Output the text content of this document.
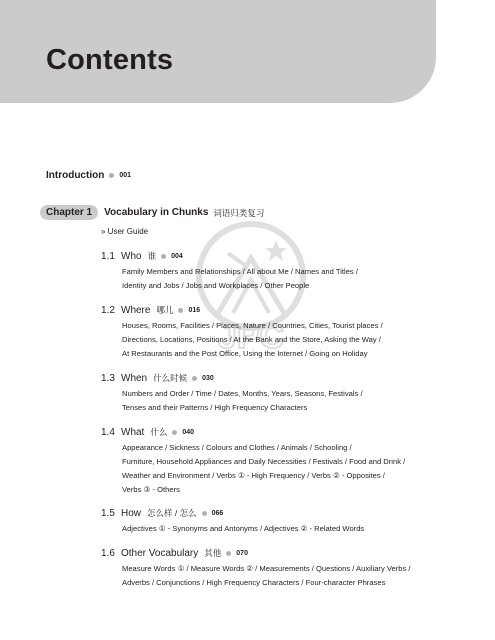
Contents
JPC
Introduction 001
Chapter 1	Vocabulary in Chunks 词语归类复习
» User Guide
1.1 Who 谁 004
Family Members and Relationships / All about Me / Names and Titles /
Identity and Jobs / Jobs and Workplaces / Other People
1.2 Where 哪儿 016
Houses, Rooms, Facilities / Places, Nature / Countries, Cities, Tourist places /
Directions, Locations, Positions / At the Bank and the Store, Asking the Way /
At Restaurants and the Post Office, Using the Internet / Going on Holiday
1.3 When 什么时候 030
Numbers and Order / Time / Dates, Months, Years, Seasons, Festivals /
Tenses and their Patterns / High Frequency Characters
1.4 What 什么 040
Appearance / Sickness / Colours and Clothes / Animals / Schooling /
Furniture, Household Appliances and Daily Necessities / Festivals / Food and Drink /
Weather and Environment / Verbs ① - High Frequency / Verbs ② - Opposites /
Verbs ③ - Others
1.5 How 怎么样 / 怎么 066
Adjectives ① - Synonyms and Antonyms / Adjectives ② - Related Words
1.6 Other Vocabulary 其他 070
Measure Words ① / Measure Words ② / Measurements / Questions / Auxiliary Verbs /
Adverbs / Conjunctions / High Frequency Characters / Four-character Phrases
